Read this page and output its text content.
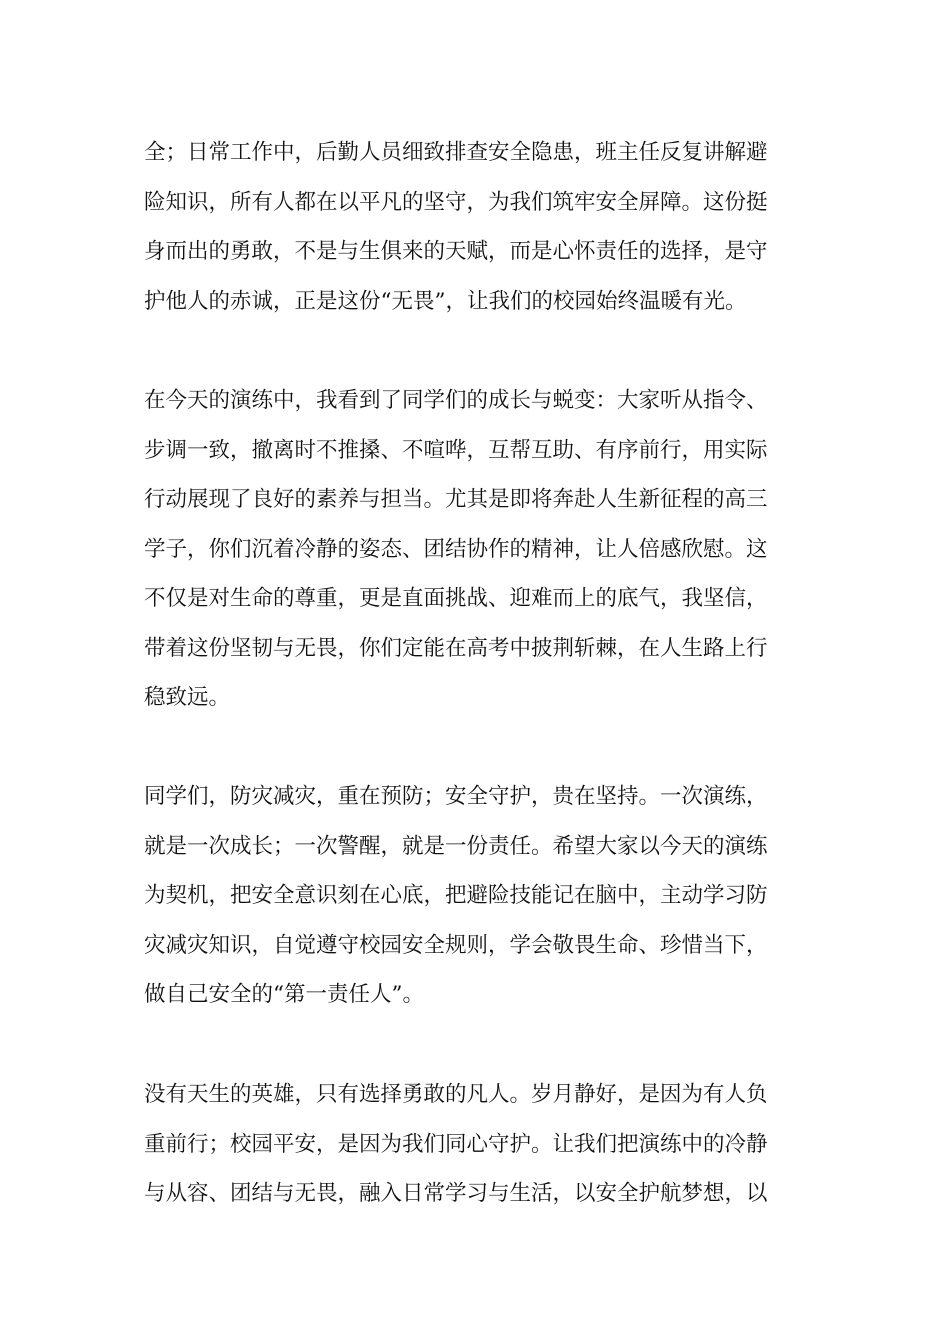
全；日常工作中，后勤人员细致排查安全隐患，班主任反复讲解避
险知识，所有人都在以平凡的坚守，为我们筑牢安全屏障。这份挺
身而出的勇敢，不是与生俱来的天赋，而是心怀责任的选择，是守
护他人的赤诚，正是这份“无畏”，让我们的校园始终温暖有光。
在今天的演练中，我看到了同学们的成长与蜕变：大家听从指令、
步调一致，撤离时不推搡、不喧哗，互帮互助、有序前行，用实际
行动展现了良好的素养与担当。尤其是即将奔赴人生新征程的高三
学子，你们沉着冷静的姿态、团结协作的精神，让人倍感欣慰。这
不仅是对生命的尊重，更是直面挑战、迎难而上的底气，我坚信，
带着这份坚韧与无畏，你们定能在高考中披荆斩棘，在人生路上行
稳致远。
同学们，防灾减灾，重在预防；安全守护，贵在坚持。一次演练，
就是一次成长；一次警醒，就是一份责任。希望大家以今天的演练
为契机，把安全意识刻在心底，把避险技能记在脑中，主动学习防
灾减灾知识，自觉遵守校园安全规则，学会敬畏生命、珍惜当下，
做自己安全的“第一责任人”。
没有天生的英雄，只有选择勇敢的凡人。岁月静好，是因为有人负
重前行；校园平安，是因为我们同心守护。让我们把演练中的冷静
与从容、团结与无畏，融入日常学习与生活，以安全护航梦想，以
